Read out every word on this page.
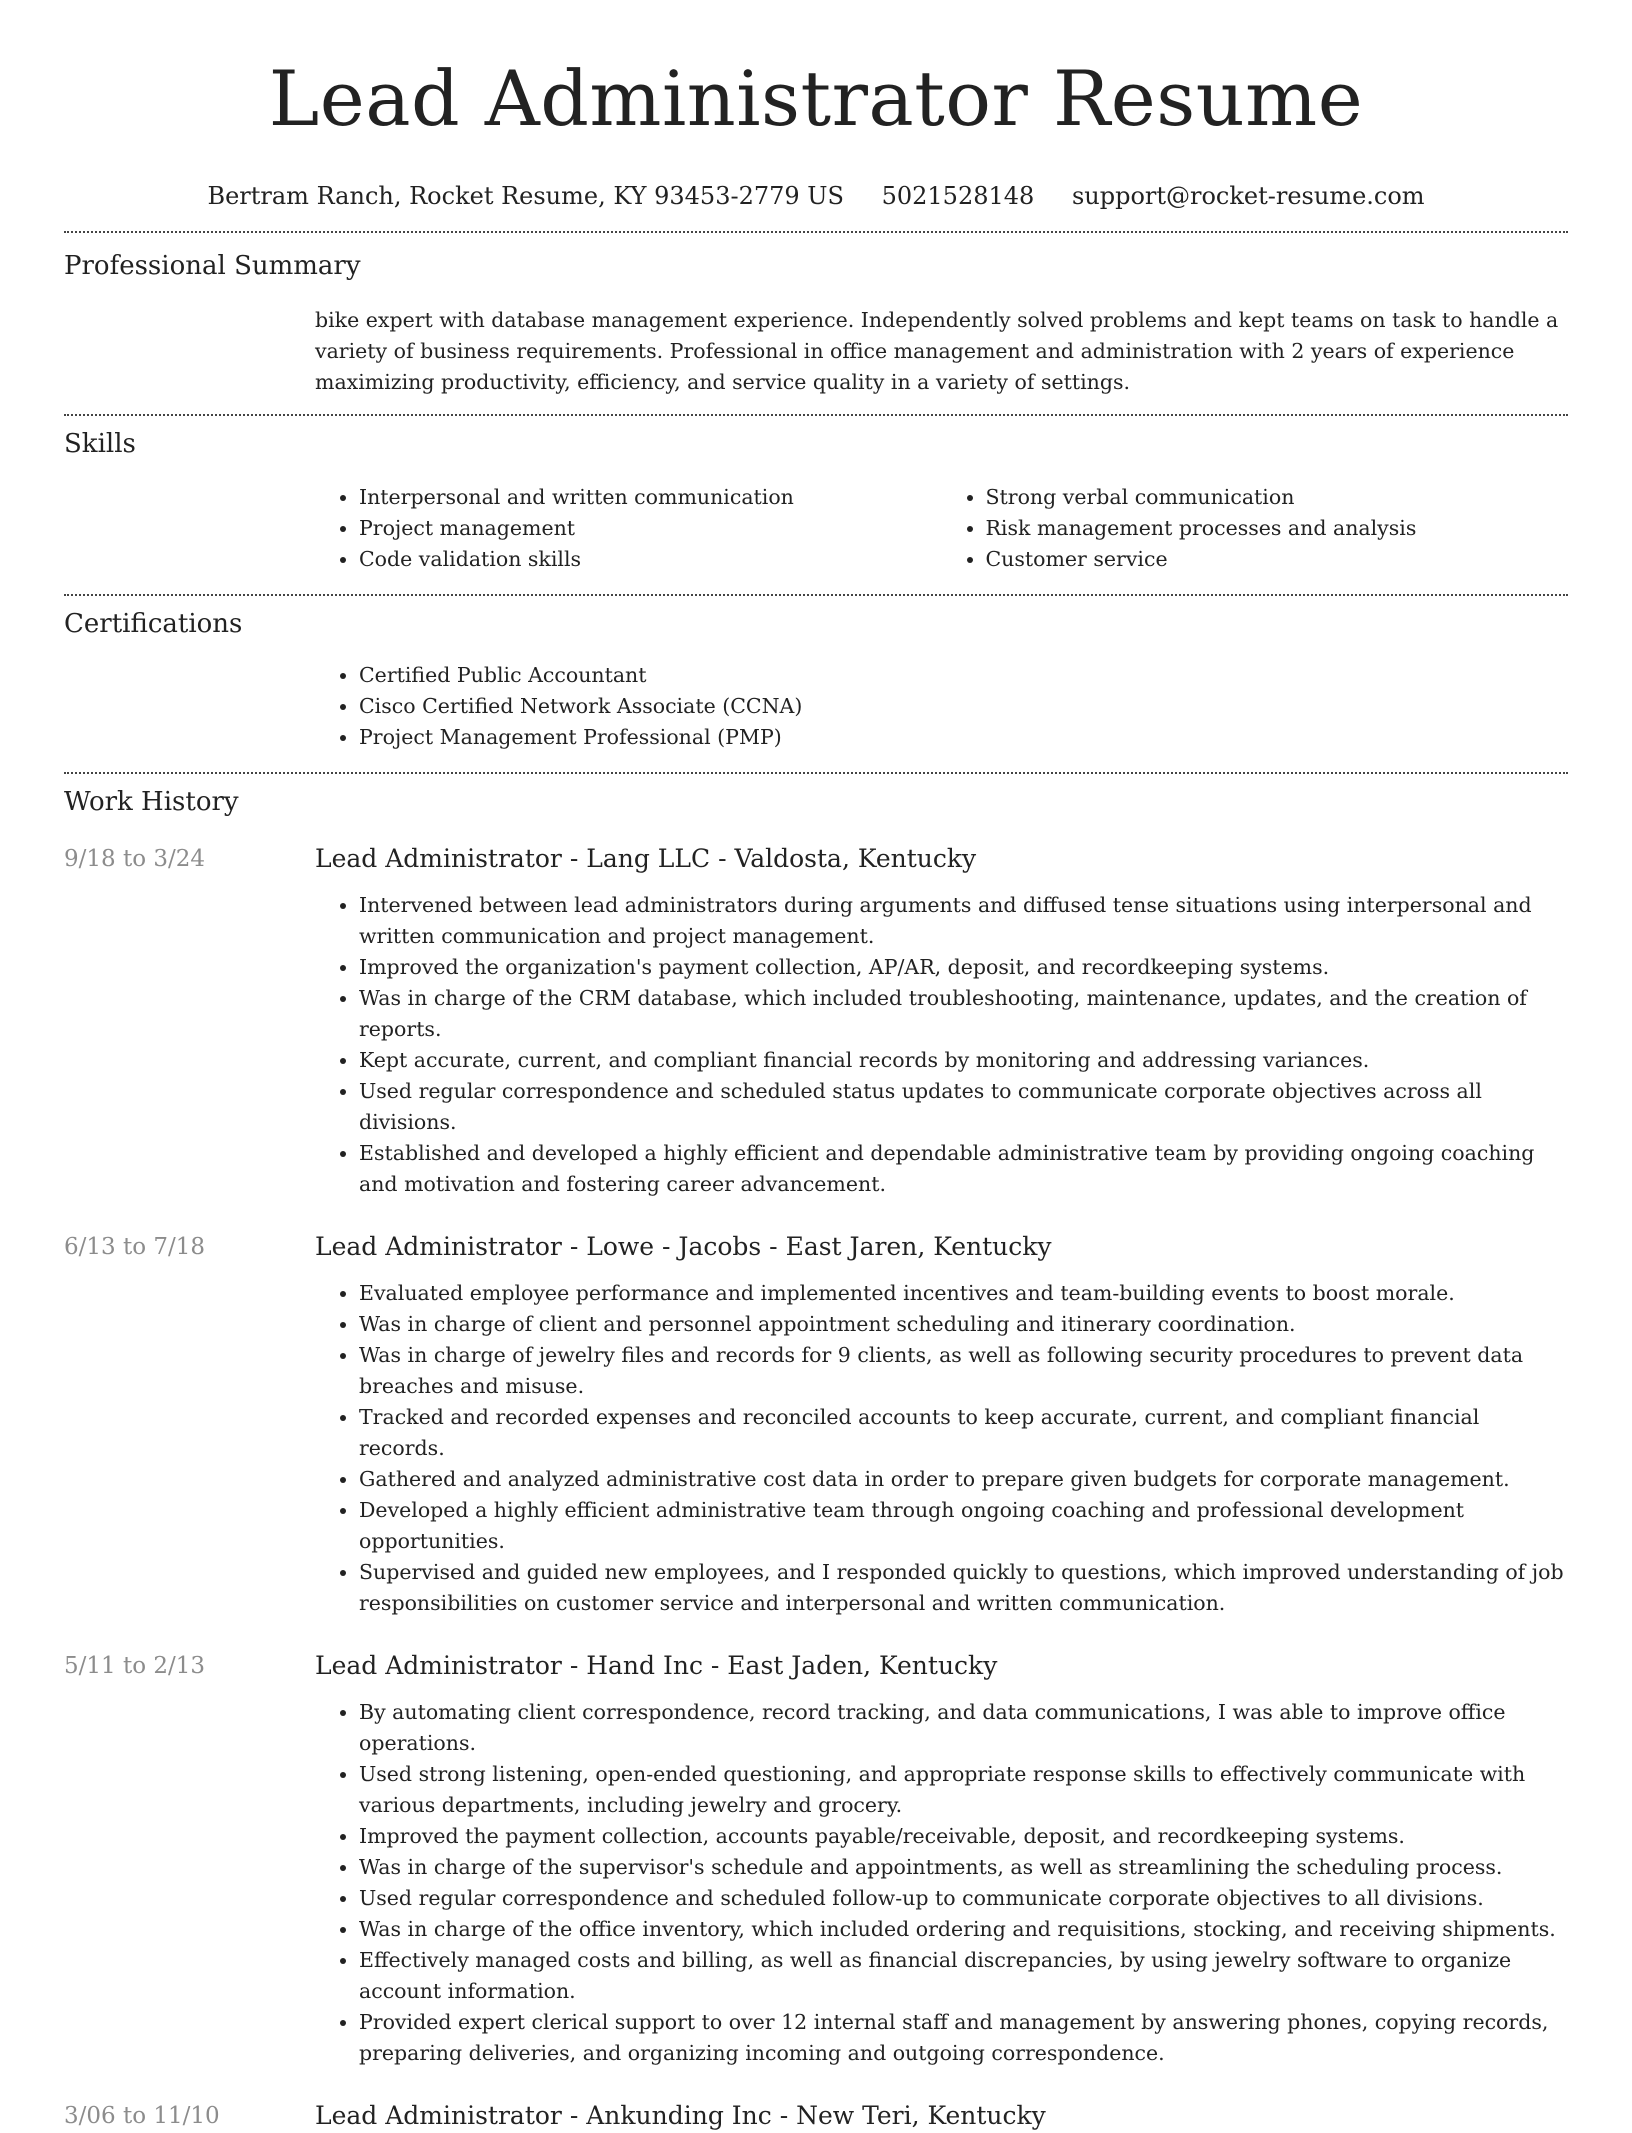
Lead Administrator Resume
Bertram Ranch, Rocket Resume, KY 93453-2779 US 5021528148 support@rocket-resume.com
Professional Summary

bike expert with database management experience. Independently solved problems and kept teams on task to handle a variety of business requirements. Professional in office management and administration with 2 years of experience maximizing productivity, efficiency, and service quality in a variety of settings.

Skills
• Interpersonal and written communication
• Project management
• Code validation skills
• Strong verbal communication
• Risk management processes and analysis
• Customer service
Certifications
• Certified Public Accountant
• Cisco Certified Network Associate (CCNA)
• Project Management Professional (PMP)
Work History
9/18 to 3/24	Lead Administrator - Lang LLC - Valdosta, Kentucky
• Intervened between lead administrators during arguments and diffused tense situations using interpersonal and written communication and project management.
• Improved the organization's payment collection, AP/AR, deposit, and recordkeeping systems.
• Was in charge of the CRM database, which included troubleshooting, maintenance, updates, and the creation of reports.
• Kept accurate, current, and compliant financial records by monitoring and addressing variances.
• Used regular correspondence and scheduled status updates to communicate corporate objectives across all divisions.
• Established and developed a highly efficient and dependable administrative team by providing ongoing coaching and motivation and fostering career advancement.
6/13 to 7/18	Lead Administrator - Lowe - Jacobs - East Jaren, Kentucky
• Evaluated employee performance and implemented incentives and team-building events to boost morale.
• Was in charge of client and personnel appointment scheduling and itinerary coordination.
• Was in charge of jewelry files and records for 9 clients, as well as following security procedures to prevent data breaches and misuse.
• Tracked and recorded expenses and reconciled accounts to keep accurate, current, and compliant financial records.
• Gathered and analyzed administrative cost data in order to prepare given budgets for corporate management.
• Developed a highly efficient administrative team through ongoing coaching and professional development opportunities.
• Supervised and guided new employees, and I responded quickly to questions, which improved understanding of job responsibilities on customer service and interpersonal and written communication.
5/11 to 2/13	Lead Administrator - Hand Inc - East Jaden, Kentucky
• By automating client correspondence, record tracking, and data communications, I was able to improve office operations.
• Used strong listening, open-ended questioning, and appropriate response skills to effectively communicate with various departments, including jewelry and grocery.
• Improved the payment collection, accounts payable/receivable, deposit, and recordkeeping systems.
• Was in charge of the supervisor's schedule and appointments, as well as streamlining the scheduling process.
• Used regular correspondence and scheduled follow-up to communicate corporate objectives to all divisions.
• Was in charge of the office inventory, which included ordering and requisitions, stocking, and receiving shipments.
• Effectively managed costs and billing, as well as financial discrepancies, by using jewelry software to organize account information.
• Provided expert clerical support to over 12 internal staff and management by answering phones, copying records, preparing deliveries, and organizing incoming and outgoing correspondence.
3/06 to 11/10	Lead Administrator - Ankunding Inc - New Teri, Kentucky
